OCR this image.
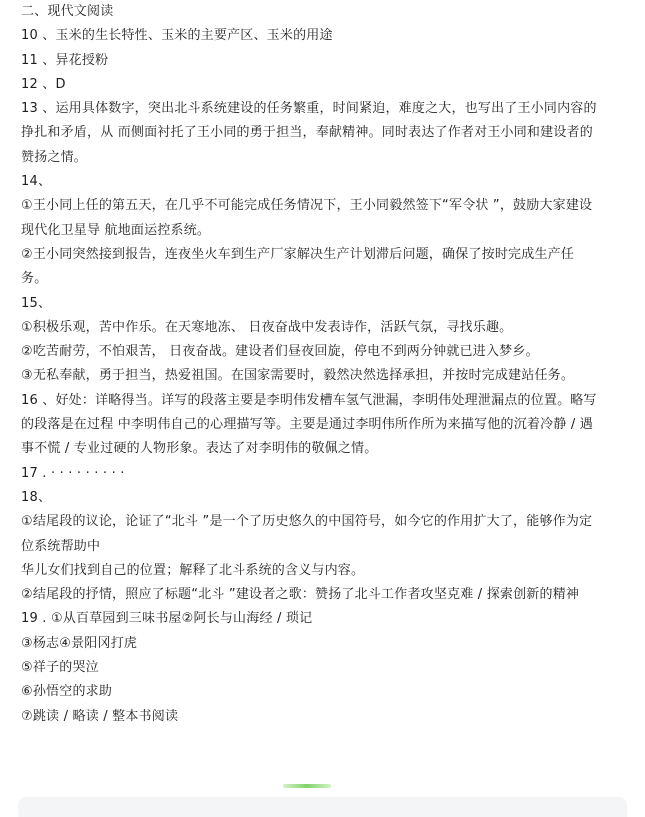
二、现代文阅读
10 、玉米的生长特性、玉米的主要产区、玉米的用途
11 、异花授粉
12 、D
13 、运用具体数字，突出北斗系统建设的任务繁重，时间紧迫，难度之大，也写出了王小同内容的
挣扎和矛盾，从 而侧面衬托了王小同的勇于担当，奉献精神。同时表达了作者对王小同和建设者的
赞扬之情。
14、
①王小同上任的第五天，在几乎不可能完成任务情况下，王小同毅然签下“军令状 ”，鼓励大家建设
现代化卫星导 航地面运控系统。
②王小同突然接到报告，连夜坐火车到生产厂家解决生产计划滞后问题，确保了按时完成生产任
务。
15、
①积极乐观，苦中作乐。在天寒地冻、 日夜奋战中发表诗作，活跃气氛，寻找乐趣。
②吃苦耐劳，不怕艰苦， 日夜奋战。建设者们昼夜回旋，停电不到两分钟就已进入梦乡。
③无私奉献，勇于担当，热爱祖国。在国家需要时，毅然决然选择承担，并按时完成建站任务。
16 、好处：详略得当。详写的段落主要是李明伟发槽车氢气泄漏，李明伟处理泄漏点的位置。略写
的段落是在过程 中李明伟自己的心理描写等。主要是通过李明伟所作所为来描写他的沉着冷静 / 遇
事不慌 / 专业过硬的人物形象。表达了对李明伟的敬佩之情。
17 . · · · · · · · · ·
18、
①结尾段的议论，论证了“北斗 ”是一个了历史悠久的中国符号，如今它的作用扩大了，能够作为定
位系统帮助中
华儿女们找到自己的位置；解释了北斗系统的含义与内容。
②结尾段的抒情，照应了标题“北斗 ”建设者之歌：赞扬了北斗工作者攻坚克难 / 探索创新的精神
19 . ①从百草园到三味书屋②阿长与山海经 / 琐记
③杨志④景阳冈打虎
⑤祥子的哭泣
⑥孙悟空的求助
⑦跳读 / 略读 / 整本书阅读
